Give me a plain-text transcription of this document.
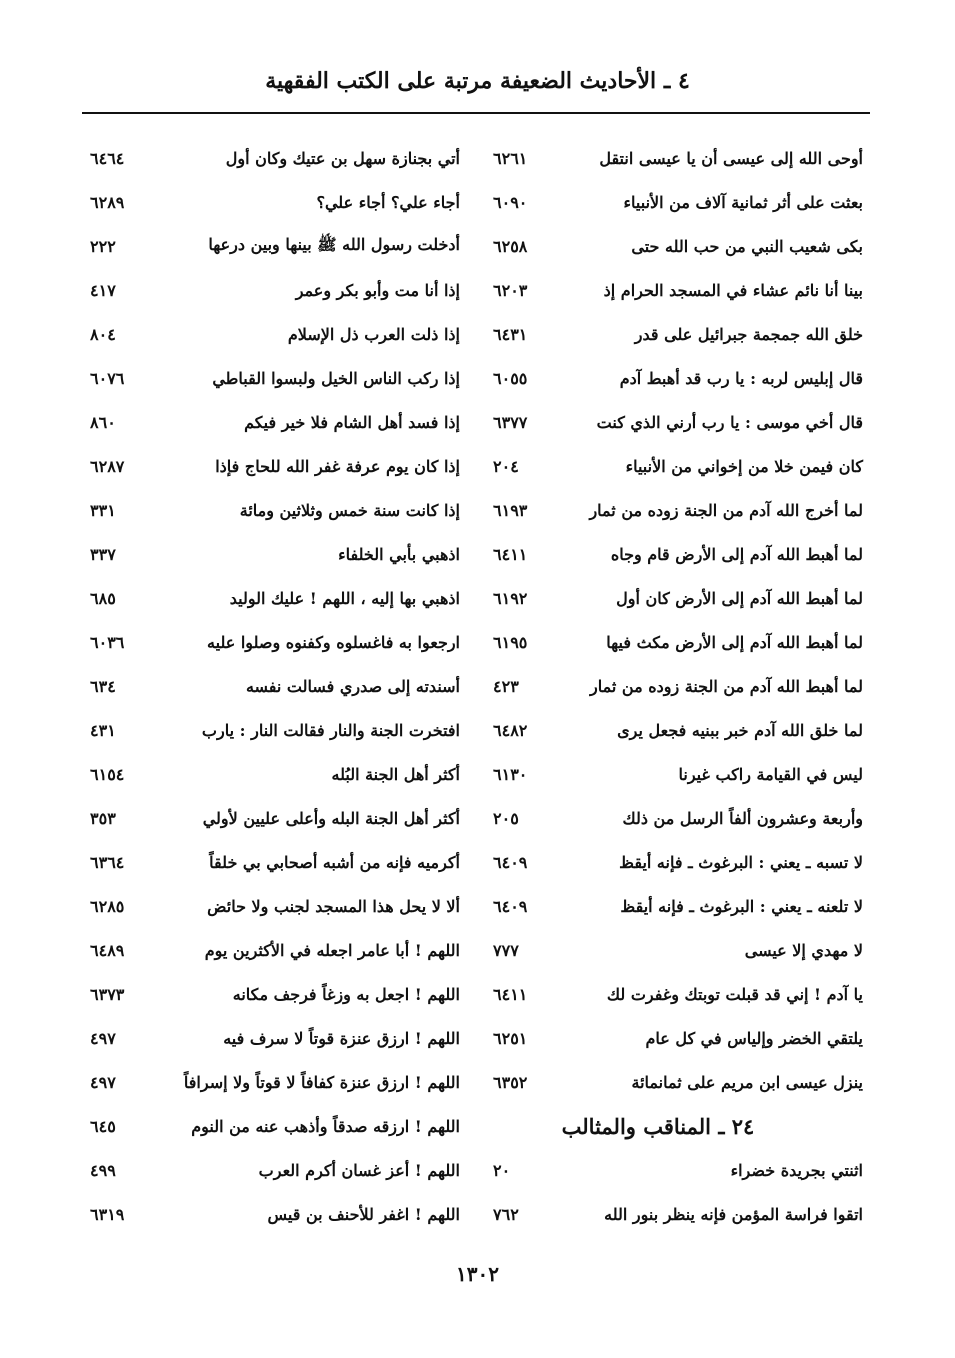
٤ ـ الأحاديث الضعيفة مرتبة على الكتب الفقهية
أوحى الله إلى عيسى أن يا عيسى انتقل
٦٢٦١
بعثت على أثر ثمانية آلاف من الأنبياء
٦٠٩٠
بكى شعيب النبي من حب الله حتى
٦٢٥٨
بينا أنا نائم عشاء في المسجد الحرام إذ
٦٢٠٣
خلق الله جمجمة جبرائيل على قدر
٦٤٣١
قال إبليس لربه : يا رب قد أهبط آدم
٦٠٥٥
قال أخي موسى : يا رب أرني الذي كنت
٦٣٧٧
كان فيمن خلا من إخواني من الأنبياء
٢٠٤
لما أخرج الله آدم من الجنة زوده من ثمار
٦١٩٣
لما أهبط الله آدم إلى الأرض قام وجاه
٦٤١١
لما أهبط الله آدم إلى الأرض كان أول
٦١٩٢
لما أهبط الله آدم إلى الأرض مكث فيها
٦١٩٥
لما أهبط الله آدم من الجنة زوده من ثمار
٤٢٣
لما خلق الله آدم خبر ببنيه فجعل يرى
٦٤٨٢
ليس في القيامة راكب غيرنا
٦١٣٠
وأربعة وعشرون ألفاً الرسل من ذلك
٢٠٥
لا تسبه ـ يعني : البرغوث ـ فإنه أيقظ
٦٤٠٩
لا تلعنه ـ يعني : البرغوث ـ فإنه أيقظ
٦٤٠٩
لا مهدي إلا عيسى
٧٧٧
يا آدم ! إني قد قبلت توبتك وغفرت لك
٦٤١١
يلتقي الخضر وإلياس في كل عام
٦٢٥١
ينزل عيسى ابن مريم على ثمانمائة
٦٣٥٢
٢٤ ـ المناقب والمثالب
اثنتي بجريدة خضراء
٢٠
اتقوا فراسة المؤمن فإنه ينظر بنور الله
٧٦٢
أتي بجنازة سهل بن عتيك وكان أول
٦٤٦٤
أجاء علي؟ أجاء علي؟
٦٢٨٩
أدخلت رسول الله ﷺ بينها وبين درعها
٢٢٢
إذا أنا مت وأبو بكر وعمر
٤١٧
إذا ذلت العرب ذل الإسلام
٨٠٤
إذا ركب الناس الخيل ولبسوا القباطي
٦٠٧٦
إذا فسد أهل الشام فلا خير فيكم
٨٦٠
إذا كان يوم عرفة غفر الله للحاج فإذا
٦٢٨٧
إذا كانت سنة خمس وثلاثين ومائة
٣٣١
اذهبي بأبي الخلفاء
٣٣٧
اذهبي بها إليه ، اللهم ! عليك الوليد
٦٨٥
ارجعوا به فاغسلوه وكفنوه وصلوا عليه
٦٠٣٦
أسندته إلى صدري فسالت نفسه
٦٣٤
افتخرت الجنة والنار فقالت النار : يارب
٤٣١
أكثر أهل الجنة البُله
٦١٥٤
أكثر أهل الجنة البله وأعلى عليين لأولي
٣٥٣
أكرميه فإنه من أشبه أصحابي بي خلقاً
٦٣٦٤
ألا لا يحل هذا المسجد لجنب ولا حائض
٦٢٨٥
اللهم ! أبا عامر اجعله في الأكثرين يوم
٦٤٨٩
اللهم ! اجعل به وزغاً فرجف مكانه
٦٣٧٣
اللهم ! ارزق عنزة قوتاً لا سرف فيه
٤٩٧
اللهم ! ارزق عنزة كفافاً لا قوتاً ولا إسرافاً
٤٩٧
اللهم ! ارزقه صدقاً وأذهب عنه من النوم
٦٤٥
اللهم ! أعز غسان أكرم العرب
٤٩٩
اللهم ! اغفر للأحنف بن قيس
٦٣١٩
١٣٠٢
